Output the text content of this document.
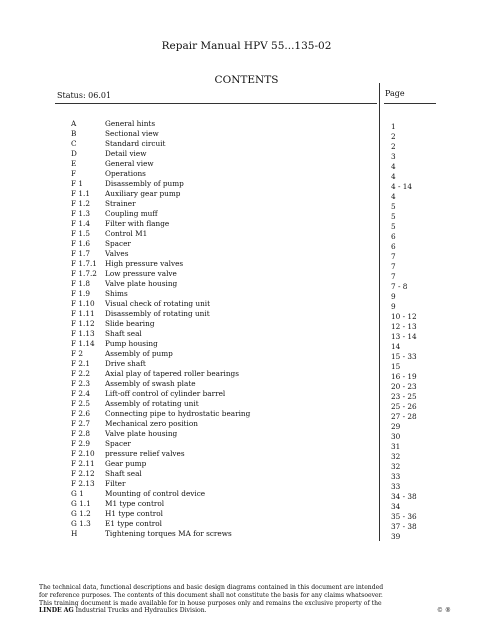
Repair Manual HPV 55...135-02
CONTENTS
Status: 06.01	Page
A	General hints	1
B	Sectional view	2
C	Standard circuit	2
D	Detail view	3
E	General view	4
F	Operations	4
F 1	Disassembly of pump	4 - 14
F 1.1 Auxiliary gear pump	4
F 1.2 Strainer	5
F 1.3 Coupling muff	5
F 1.4 Filter with flange	5
F 1.5 Control M1	6
F 1.6 Spacer	6
F 1.7 Valves	7
F 1.7.1 High pressure valves	7
F 1.7.2 Low pressure valve	7
F 1.8 Valve plate housing	7 - 8
F 1.9 Shims	9
F 1.10 Visual check of rotating unit	9
F 1.11 Disassembly of rotating unit	10 - 12
F 1.12 Slide bearing	12 - 13
F 1.13 Shaft seal	13 - 14
F 1.14 Pump housing	14
F 2	Assembly of pump	15 - 33
F 2.1 Drive shaft	15
F 2.2 Axial play of tapered roller bearings	16 - 19
F 2.3 Assembly of swash plate	20 - 23
F 2.4 Lift-off control of cylinder barrel	23 - 25
F 2.5 Assembly of rotating unit	25 - 26
F 2.6 Connecting pipe to hydrostatic bearing	27 - 28
F 2.7 Mechanical zero position	29
F 2.8 Valve plate housing	30
F 2.9 Spacer	31
F 2.10 pressure relief valves	32
F 2.11 Gear pump	32
F 2.12 Shaft seal	33
F 2.13 Filter	33
G 1	Mounting of control device	34 - 38
G 1.1 M1 type control	34
G 1.2 H1 type control	35 - 36
G 1.3 E1 type control	37 - 38
H	Tightening torques MA for screws	39

The technical data, functional descriptions and basic design diagrams contained in this document are intended

for reference purposes. The contents of this document shall not constitute the basis for any claims whatsoever.

This training document is made available for in house purposes only and remains the exclusive property of the

LINDE AG Industrial Trucks and Hydraulics Division.	© ®
